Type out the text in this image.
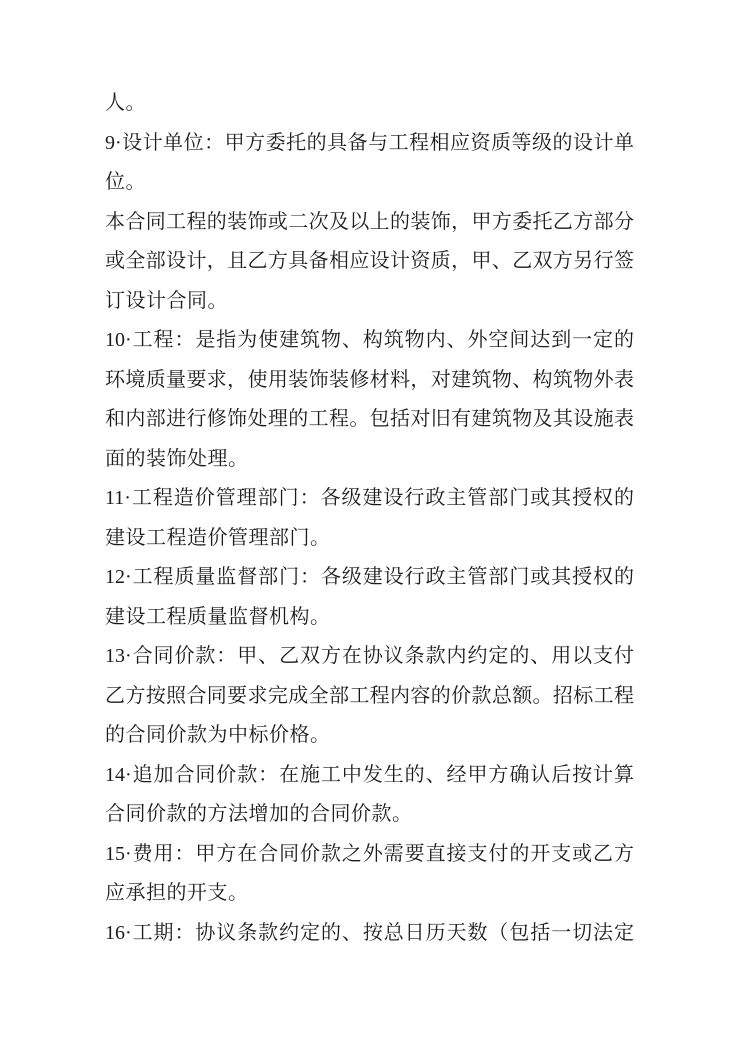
人。
9·设计单位：甲方委托的具备与工程相应资质等级的设计单
位。
本合同工程的装饰或二次及以上的装饰，甲方委托乙方部分
或全部设计，且乙方具备相应设计资质，甲、乙双方另行签
订设计合同。
10·工程：是指为使建筑物、构筑物内、外空间达到一定的
环境质量要求，使用装饰装修材料，对建筑物、构筑物外表
和内部进行修饰处理的工程。包括对旧有建筑物及其设施表
面的装饰处理。
11·工程造价管理部门：各级建设行政主管部门或其授权的
建设工程造价管理部门。
12·工程质量监督部门：各级建设行政主管部门或其授权的
建设工程质量监督机构。
13·合同价款：甲、乙双方在协议条款内约定的、用以支付
乙方按照合同要求完成全部工程内容的价款总额。招标工程
的合同价款为中标价格。
14·追加合同价款：在施工中发生的、经甲方确认后按计算
合同价款的方法增加的合同价款。
15·费用：甲方在合同价款之外需要直接支付的开支或乙方
应承担的开支。
16·工期：协议条款约定的、按总日历天数（包括一切法定
